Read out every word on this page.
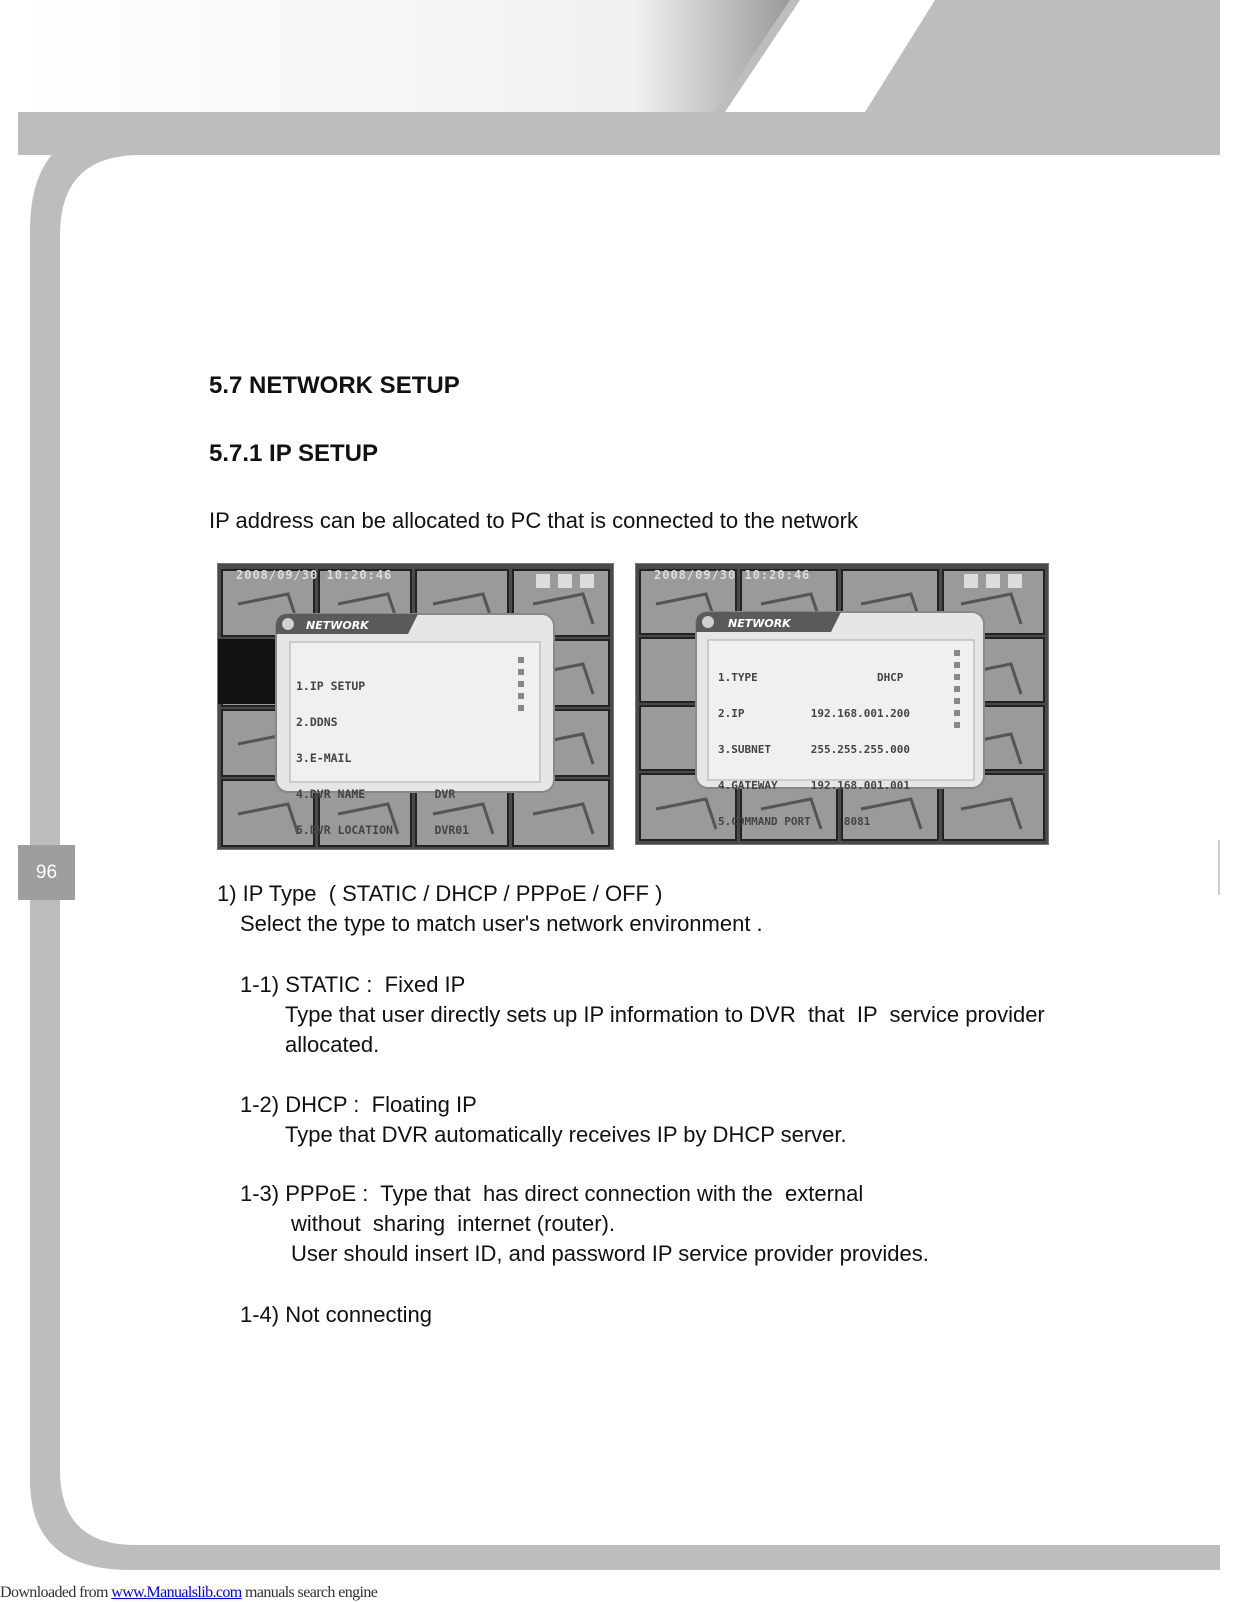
5.7 NETWORK SETUP
5.7.1 IP SETUP
IP address can be allocated to PC that is connected to the network
2008/09/30 10:20:46
NETWORK

1.IP SETUP

2.DDNS

3.E-MAIL

4.DVR NAME          DVR

5.DVR LOCATION      DVR01

2008/09/30 10:20:46
NETWORK

1.TYPE                  DHCP

2.IP          192.168.001.200

3.SUBNET      255.255.255.000

4.GATEWAY     192.168.001.001

5.COMMAND PORT     8081

96
1) IP Type  ( STATIC / DHCP / PPPoE / OFF )
Select the type to match user's network environment .
1-1) STATIC :  Fixed IP
Type that user directly sets up IP information to DVR  that  IP  service provider
allocated.
1-2) DHCP :  Floating IP
Type that DVR automatically receives IP by DHCP server.
1-3) PPPoE :  Type that  has direct connection with the  external
without  sharing  internet (router).
User should insert ID, and password IP service provider provides.
1-4) Not connecting
Downloaded from www.Manualslib.com manuals search engine
